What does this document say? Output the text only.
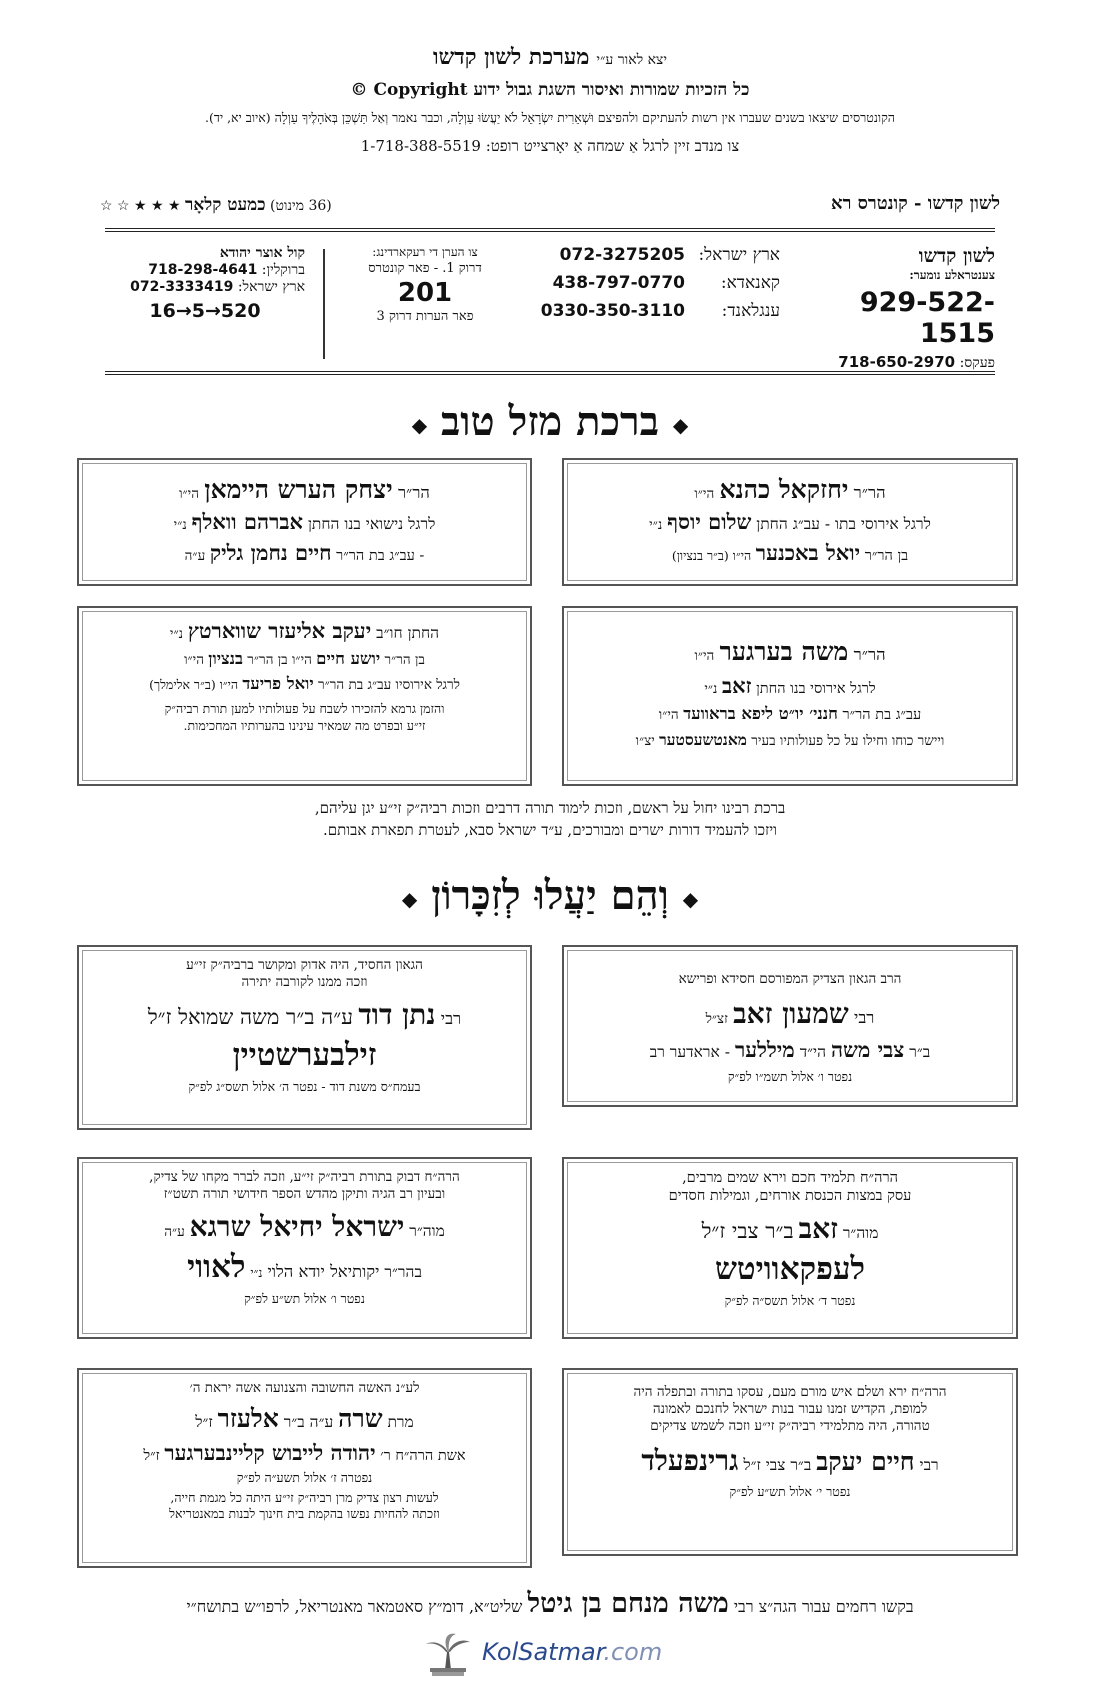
יצא לאור ע״י מערכת לשון קדשו
כל הזכיות שמורות ואיסור השגת גבול ידוע Copyright ©
הקונטרסים שיצאו בשנים שעברו אין רשות להעתיקם ולהפיצם וּשְׁאֵרִית יִשְׂרָאֵל לֹא יַעֲשׂוּ עַוְלָה, וכבר נאמר וְאַל תַּשְׁכֵּן בְּאֹהָלֶיךָ עַוְלָה (איוב יא, יד).
צו מנדב זיין לרגל אַ שמחה אַ יאָרצייט רופט: 1-718-388-5519
לשון קדשו - קונטרס רא
(36 מינוט) כמעט קלאָר ★ ★ ★ ☆ ☆
לשון קדשו
צענטראלע נומער:
929-522-1515
פעקס: 718-650-2970
ארץ ישראל:
072-3275205
קאנאדא:
438-797-0770
ענגלאנד:
0330-350-3110
צו הערן די רעקארדינג:
דרוק 1. - פאר קונטרס
201
פאר הערות דרוק 3
קול אוצר יהודא
ברוקלין: 718-298-4641
ארץ ישראל: 072-3333419
16→5→520
◆ ברכת מזל טוב ◆
הר״ר יחזקאל כהנא הי״ו
לרגל אירוסי בתו - עב״ג החתן שלום יוסף נ״י
בן הר״ר יואל באכנער הי״ו (ב״ר בנציון)
הר״ר יצחק הערש היימאן הי״ו
לרגל נישואי בנו החתן אברהם וואלף נ״י
- עב״ג בת הר״ר חיים נחמן גליק ע״ה
הר״ר משה בערגער הי״ו
לרגל אירוסי בנו החתן זאב נ״י
עב״ג בת הר״ר חנני׳ יו״ט ליפא בראוועד הי״ו
ויישר כוחו וחילו על כל פעולותיו בעיר מאנטשעסטער יצ״ו
החתן חו״ב יעקב אליעזר שווארטץ נ״י
בן הר״ר יושע חיים הי״ו בן הר״ר בנציון הי״ו
לרגל אירוסיו עב״ג בת הר״ר יואל פריעד הי״ו (ב״ר אלימלך)
והזמן גרמא להזכירו לשבח על פעולותיו למען תורת רביה״ק
זי״ע ובפרט מה שמאיר עינינו בהערותיו המחכימות.
ברכת רבינו יחול על ראשם, וזכות לימוד תורה דרבים וזכות רביה״ק זי״ע יגן עליהם,
ויזכו להעמיד דורות ישרים ומבורכים, ע״ד ישראל סבא, לעטרת תפארת אבותם.
◆ וְהֵם יַעֲלוּ לְזִכָּרוֹן ◆
הרב הגאון הצדיק המפורסם חסידא ופרישא
רבי שמעון זאב זצ״ל
ב״ר צבי משה הי״ד מיללער - אראדער רב
נפטר ו׳ אלול תשמ״ו לפ״ק
הגאון החסיד, היה אדוק ומקושר ברביה״ק זי״ע
וזכה ממנו לקורבה יתירה
רבי נתן דוד ע״ה ב״ר משה שמואל ז״ל
זילבערשטיין
בעמח״ס משנת דוד - נפטר ה׳ אלול תשס״ג לפ״ק
הרה״ח תלמיד חכם וירא שמים מרבים,
עסק במצות הכנסת אורחים, וגמילות חסדים
מוה״ר זאב ב״ר צבי ז״ל
לעפקאוויטש
נפטר ד׳ אלול תשס״ה לפ״ק
הרה״ח דבוק בתורת רביה״ק זי״ע, וזכה לברר מקחו של צדיק,
ובעיון רב הגיה ותיקן מהדש הספר חידושי תורה תשט״ז
מוה״ר ישראל יחיאל שרגא ע״ה
בהר״ר יקותיאל יודא הלוי נ״י לאווי
נפטר ו׳ אלול תש״ע לפ״ק
הרה״ח ירא ושלם איש מורם מעם, עסקו בתורה ובתפלה היה
למופת, הקדיש זמנו עבור בנות ישראל לחנכם לאמונה
טהורה, היה מתלמידי רביה״ק זי״ע וזכה לשמש צדיקים
רבי חיים יעקב ב״ר צבי ז״ל גרינפעלד
נפטר י׳ אלול תש״ע לפ״ק
לע״נ האשה החשובה והצנועה אשה יראת ה׳
מרת שרה ע״ה ב״ר אלעזר ז״ל
אשת הרה״ח ר׳ יהודה לייבוש קליינבערגער ז״ל
נפטרה ז׳ אלול תשע״ה לפ״ק
לעשות רצון צדיק מרן רביה״ק זי״ע היתה כל מגמת חייה,
וזכתה להחיות נפשו בהקמת בית חינוך לבנות במאנטריאל
בקשו רחמים עבור הגה״צ רבי משה מנחם בן גיטל שליט״א, דומ״ץ סאטמאר מאנטריאל, לרפו״ש בתושח״י
KolSatmar.com
